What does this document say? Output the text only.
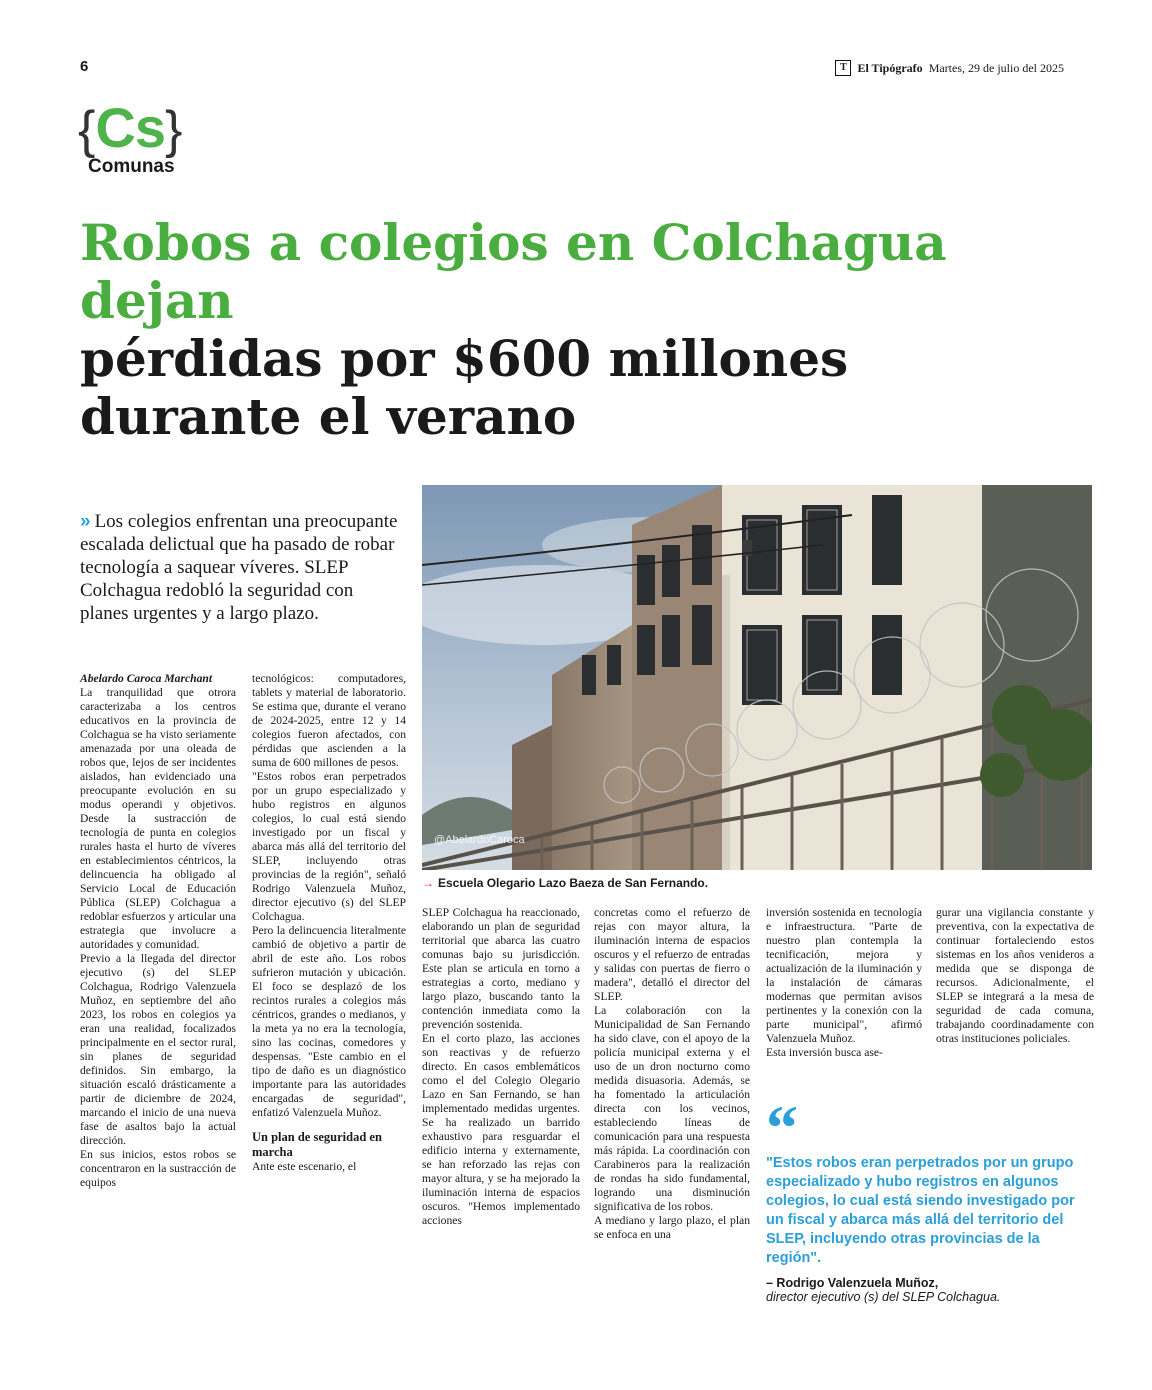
6	T El Tipógrafo Martes, 29 de julio del 2025
{ Cs }
Comunas
Robos a colegios en Colchagua dejan
pérdidas por $600 millones durante el verano
» Los colegios enfrentan una preocupante escalada delictual que ha pasado de robar tecnología a saquear víveres. SLEP Colchagua redobló la seguridad con planes urgentes y a largo plazo.
@AbelardoCaroca
→ Escuela Olegario Lazo Baeza de San Fernando.

Abelardo Caroca Marchant

La tranquilidad que otrora caracterizaba a los centros educativos en la provincia de Colchagua se ha visto seriamente amenazada por una oleada de robos que, lejos de ser incidentes aislados, han evidenciado una preocupante evolución en su modus operandi y objetivos. Desde la sustracción de tecnología de punta en colegios rurales hasta el hurto de víveres en establecimientos céntricos, la delincuencia ha obligado al Servicio Local de Educación Pública (SLEP) Colchagua a redoblar esfuerzos y articular una estrategia que involucre a autoridades y comunidad.

Previo a la llegada del director ejecutivo (s) del SLEP Colchagua, Rodrigo Valenzuela Muñoz, en septiembre del año 2023, los robos en colegios ya eran una realidad, focalizados principalmente en el sector rural, sin planes de seguridad definidos. Sin embargo, la situación escaló drásticamente a partir de diciembre de 2024, marcando el inicio de una nueva fase de asaltos bajo la actual dirección.

En sus inicios, estos robos se concentraron en la sustracción de equipos

tecnológicos: computadores, tablets y material de laboratorio. Se estima que, durante el verano de 2024-2025, entre 12 y 14 colegios fueron afectados, con pérdidas que ascienden a la suma de 600 millones de pesos.

"Estos robos eran perpetrados por un grupo especializado y hubo registros en algunos colegios, lo cual está siendo investigado por un fiscal y abarca más allá del territorio del SLEP, incluyendo otras provincias de la región", señaló Rodrigo Valenzuela Muñoz, director ejecutivo (s) del SLEP Colchagua.

Pero la delincuencia literalmente cambió de objetivo a partir de abril de este año. Los robos sufrieron mutación y ubicación. El foco se desplazó de los recintos rurales a colegios más céntricos, grandes o medianos, y la meta ya no era la tecnología, sino las cocinas, comedores y despensas. "Este cambio en el tipo de daño es un diagnóstico importante para las autoridades encargadas de seguridad", enfatizó Valenzuela Muñoz.

Un plan de seguridad en marcha

Ante este escenario, el

SLEP Colchagua ha reaccionado, elaborando un plan de seguridad territorial que abarca las cuatro comunas bajo su jurisdicción. Este plan se articula en torno a estrategias a corto, mediano y largo plazo, buscando tanto la contención inmediata como la prevención sostenida.

En el corto plazo, las acciones son reactivas y de refuerzo directo. En casos emblemáticos como el del Colegio Olegario Lazo en San Fernando, se han implementado medidas urgentes. Se ha realizado un barrido exhaustivo para resguardar el edificio interna y externamente, se han reforzado las rejas con mayor altura, y se ha mejorado la iluminación interna de espacios oscuros. "Hemos implementado acciones

concretas como el refuerzo de rejas con mayor altura, la iluminación interna de espacios oscuros y el refuerzo de entradas y salidas con puertas de fierro o madera", detalló el director del SLEP.

La colaboración con la Municipalidad de San Fernando ha sido clave, con el apoyo de la policía municipal externa y el uso de un dron nocturno como medida disuasoria. Además, se ha fomentado la articulación directa con los vecinos, estableciendo líneas de comunicación para una respuesta más rápida. La coordinación con Carabineros para la realización de rondas ha sido fundamental, logrando una disminución significativa de los robos.

A mediano y largo plazo, el plan se enfoca en una

inversión sostenida en tecnología e infraestructura. "Parte de nuestro plan contempla la tecnificación, mejora y actualización de la iluminación y la instalación de cámaras modernas que permitan avisos pertinentes y la conexión con la parte municipal", afirmó Valenzuela Muñoz.

Esta inversión busca ase-

gurar una vigilancia constante y preventiva, con la expectativa de continuar fortaleciendo estos sistemas en los años venideros a medida que se disponga de recursos. Adicionalmente, el SLEP se integrará a la mesa de seguridad de cada comuna, trabajando coordinadamente con otras instituciones policiales.

“
"Estos robos eran perpetrados por un grupo especializado y hubo registros en algunos colegios, lo cual está siendo investigado por un fiscal y abarca más allá del territorio del SLEP, incluyendo otras provincias de la región".
– Rodrigo Valenzuela Muñoz,
director ejecutivo (s) del SLEP Colchagua.
